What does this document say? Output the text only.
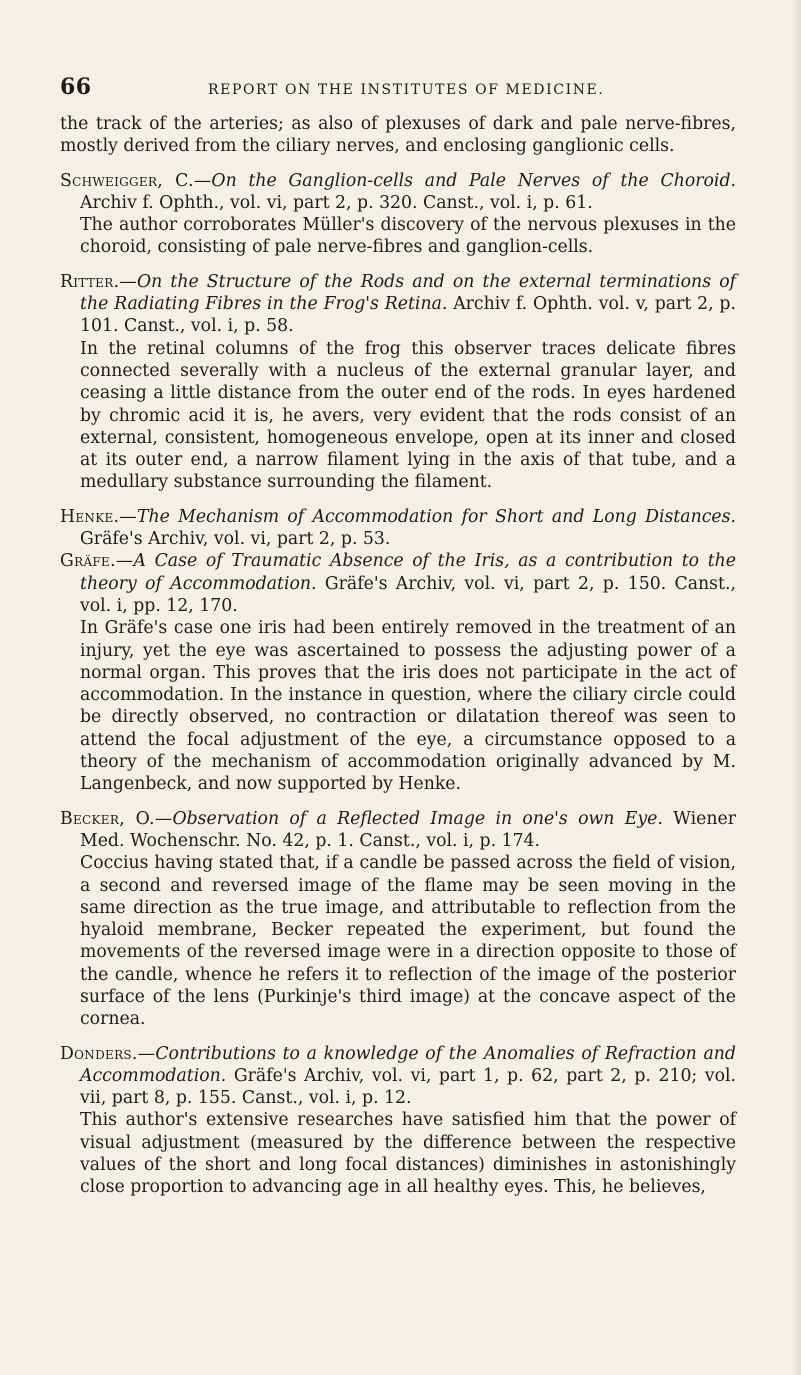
66	REPORT ON THE INSTITUTES OF MEDICINE.

the track of the arteries; as also of plexuses of dark and pale nerve-fibres, mostly derived from the ciliary nerves, and enclosing ganglionic cells.

Schweigger, C.—On the Ganglion-cells and Pale Nerves of the Choroid. Archiv f. Ophth., vol. vi, part 2, p. 320. Canst., vol. i, p. 61.

The author corroborates Müller's discovery of the nervous plexuses in the choroid, consisting of pale nerve-fibres and ganglion-cells.

Ritter.—On the Structure of the Rods and on the external terminations of the Radiating Fibres in the Frog's Retina. Archiv f. Ophth. vol. v, part 2, p. 101. Canst., vol. i, p. 58.

In the retinal columns of the frog this observer traces delicate fibres connected severally with a nucleus of the external granular layer, and ceasing a little distance from the outer end of the rods. In eyes hardened by chromic acid it is, he avers, very evident that the rods consist of an external, consistent, homogeneous envelope, open at its inner and closed at its outer end, a narrow filament lying in the axis of that tube, and a medullary substance surrounding the filament.

Henke.—The Mechanism of Accommodation for Short and Long Distances. Gräfe's Archiv, vol. vi, part 2, p. 53.

Gräfe.—A Case of Traumatic Absence of the Iris, as a contribution to the theory of Accommodation. Gräfe's Archiv, vol. vi, part 2, p. 150. Canst., vol. i, pp. 12, 170.

In Gräfe's case one iris had been entirely removed in the treatment of an injury, yet the eye was ascertained to possess the adjusting power of a normal organ. This proves that the iris does not participate in the act of accommodation. In the instance in question, where the ciliary circle could be directly observed, no contraction or dilatation thereof was seen to attend the focal adjustment of the eye, a circumstance opposed to a theory of the mechanism of accommodation originally advanced by M. Langenbeck, and now supported by Henke.

Becker, O.—Observation of a Reflected Image in one's own Eye. Wiener Med. Wochenschr. No. 42, p. 1. Canst., vol. i, p. 174.

Coccius having stated that, if a candle be passed across the field of vision, a second and reversed image of the flame may be seen moving in the same direction as the true image, and attributable to reflection from the hyaloid membrane, Becker repeated the experiment, but found the movements of the reversed image were in a direction opposite to those of the candle, whence he refers it to reflection of the image of the posterior surface of the lens (Purkinje's third image) at the concave aspect of the cornea.

Donders.—Contributions to a knowledge of the Anomalies of Refraction and Accommodation. Gräfe's Archiv, vol. vi, part 1, p. 62, part 2, p. 210; vol. vii, part 8, p. 155. Canst., vol. i, p. 12.

This author's extensive researches have satisfied him that the power of visual adjustment (measured by the difference between the respective values of the short and long focal distances) diminishes in astonishingly close proportion to advancing age in all healthy eyes. This, he believes,
